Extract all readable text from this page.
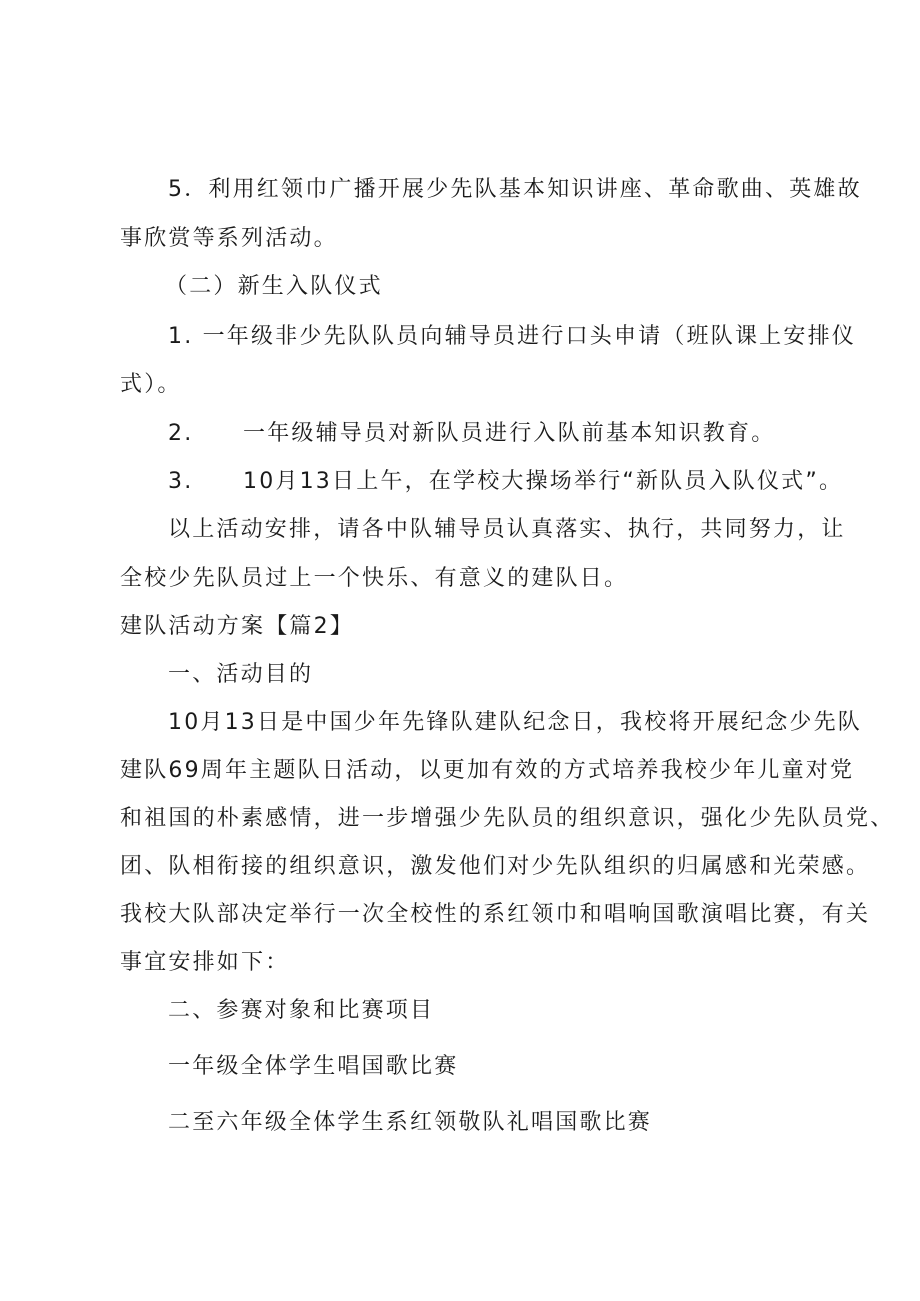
5．利用红领巾广播开展少先队基本知识讲座、革命歌曲、英雄故
事欣赏等系列活动。
（二）新生入队仪式
1. 一年级非少先队队员向辅导员进行口头申请（班队课上安排仪
式）。
2. 一年级辅导员对新队员进行入队前基本知识教育。
3. 10月13日上午，在学校大操场举行“新队员入队仪式”。
以上活动安排，请各中队辅导员认真落实、执行，共同努力，让
全校少先队员过上一个快乐、有意义的建队日。
建队活动方案【篇2】
一、活动目的
10月13日是中国少年先锋队建队纪念日，我校将开展纪念少先队
建队69周年主题队日活动，以更加有效的方式培养我校少年儿童对党
和祖国的朴素感情，进一步增强少先队员的组织意识，强化少先队员党、
团、队相衔接的组织意识，激发他们对少先队组织的归属感和光荣感。
我校大队部决定举行一次全校性的系红领巾和唱响国歌演唱比赛，有关
事宜安排如下：
二、参赛对象和比赛项目
一年级全体学生唱国歌比赛
二至六年级全体学生系红领敬队礼唱国歌比赛
